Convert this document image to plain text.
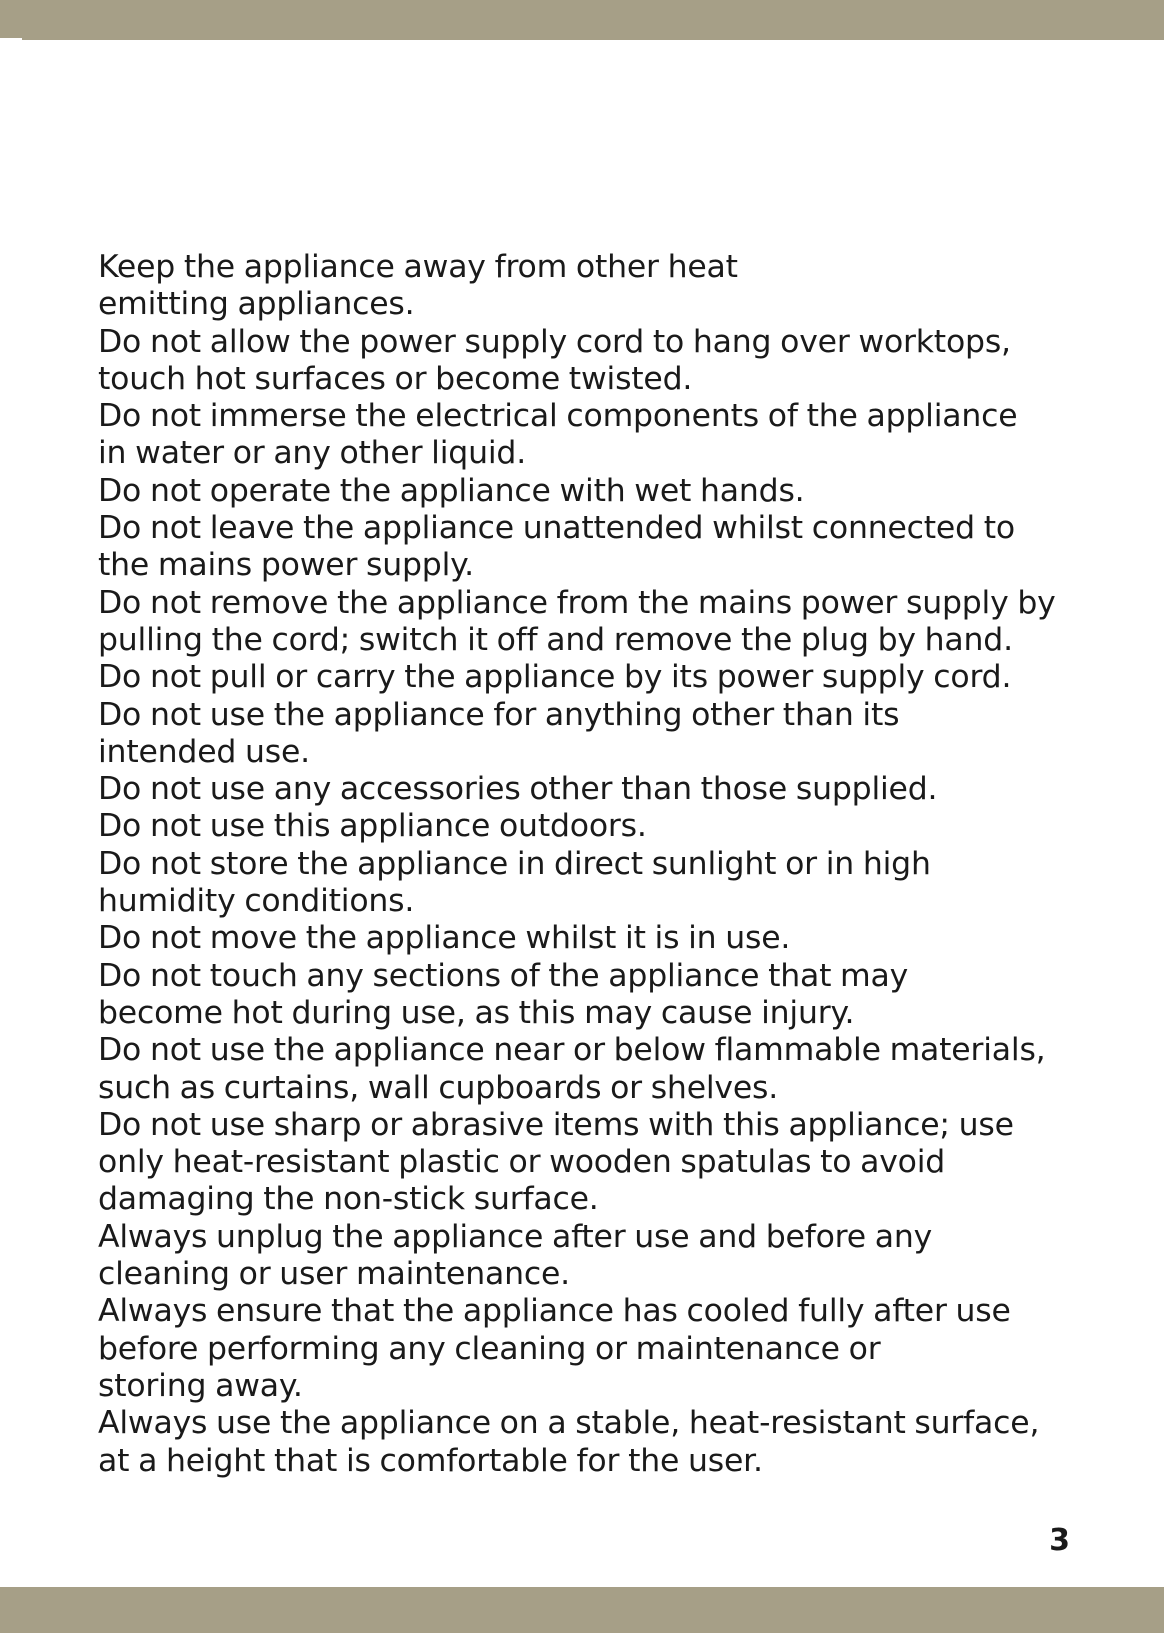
Keep the appliance away from other heat
emitting appliances.
Do not allow the power supply cord to hang over worktops,
touch hot surfaces or become twisted.
Do not immerse the electrical components of the appliance
in water or any other liquid.
Do not operate the appliance with wet hands.
Do not leave the appliance unattended whilst connected to
the mains power supply.
Do not remove the appliance from the mains power supply by
pulling the cord; switch it off and remove the plug by hand.
Do not pull or carry the appliance by its power supply cord.
Do not use the appliance for anything other than its
intended use.
Do not use any accessories other than those supplied.
Do not use this appliance outdoors.
Do not store the appliance in direct sunlight or in high
humidity conditions.
Do not move the appliance whilst it is in use.
Do not touch any sections of the appliance that may
become hot during use, as this may cause injury.
Do not use the appliance near or below flammable materials,
such as curtains, wall cupboards or shelves.
Do not use sharp or abrasive items with this appliance; use
only heat-resistant plastic or wooden spatulas to avoid
damaging the non-stick surface.
Always unplug the appliance after use and before any
cleaning or user maintenance.
Always ensure that the appliance has cooled fully after use
before performing any cleaning or maintenance or
storing away.
Always use the appliance on a stable, heat-resistant surface,
at a height that is comfortable for the user.
3
